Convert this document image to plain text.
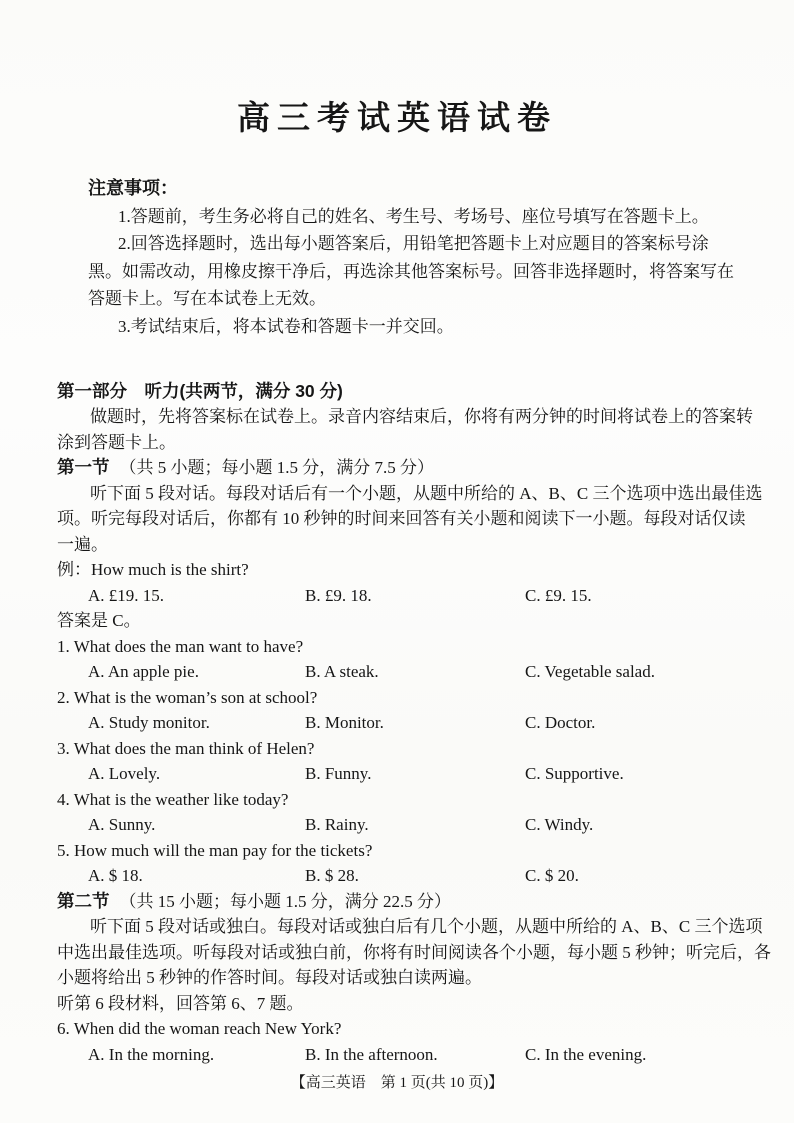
高三考试英语试卷
注意事项：
1.答题前，考生务必将自己的姓名、考生号、考场号、座位号填写在答题卡上。
2.回答选择题时，选出每小题答案后，用铅笔把答题卡上对应题目的答案标号涂
黑。如需改动，用橡皮擦干净后，再选涂其他答案标号。回答非选择题时，将答案写在
答题卡上。写在本试卷上无效。
3.考试结束后，将本试卷和答题卡一并交回。
第一部分　听力(共两节，满分 30 分)
做题时，先将答案标在试卷上。录音内容结束后，你将有两分钟的时间将试卷上的答案转
涂到答题卡上。
第一节 （共 5 小题；每小题 1.5 分，满分 7.5 分）
听下面 5 段对话。每段对话后有一个小题，从题中所给的 A、B、C 三个选项中选出最佳选
项。听完每段对话后，你都有 10 秒钟的时间来回答有关小题和阅读下一小题。每段对话仅读
一遍。
例：How much is the shirt?
A. £19. 15.	B. £9. 18.	C. £9. 15.
答案是 C。
1. What does the man want to have?
A. An apple pie.	B. A steak.	C. Vegetable salad.
2. What is the woman’s son at school?
A. Study monitor.	B. Monitor.	C. Doctor.
3. What does the man think of Helen?
A. Lovely.	B. Funny.	C. Supportive.
4. What is the weather like today?
A. Sunny.	B. Rainy.	C. Windy.
5. How much will the man pay for the tickets?
A. $ 18.	B. $ 28.	C. $ 20.
第二节 （共 15 小题；每小题 1.5 分，满分 22.5 分）
听下面 5 段对话或独白。每段对话或独白后有几个小题，从题中所给的 A、B、C 三个选项
中选出最佳选项。听每段对话或独白前，你将有时间阅读各个小题，每小题 5 秒钟；听完后，各
小题将给出 5 秒钟的作答时间。每段对话或独白读两遍。
听第 6 段材料，回答第 6、7 题。
6. When did the woman reach New York?
A. In the morning.	B. In the afternoon.	C. In the evening.
【高三英语　第 1 页(共 10 页)】
